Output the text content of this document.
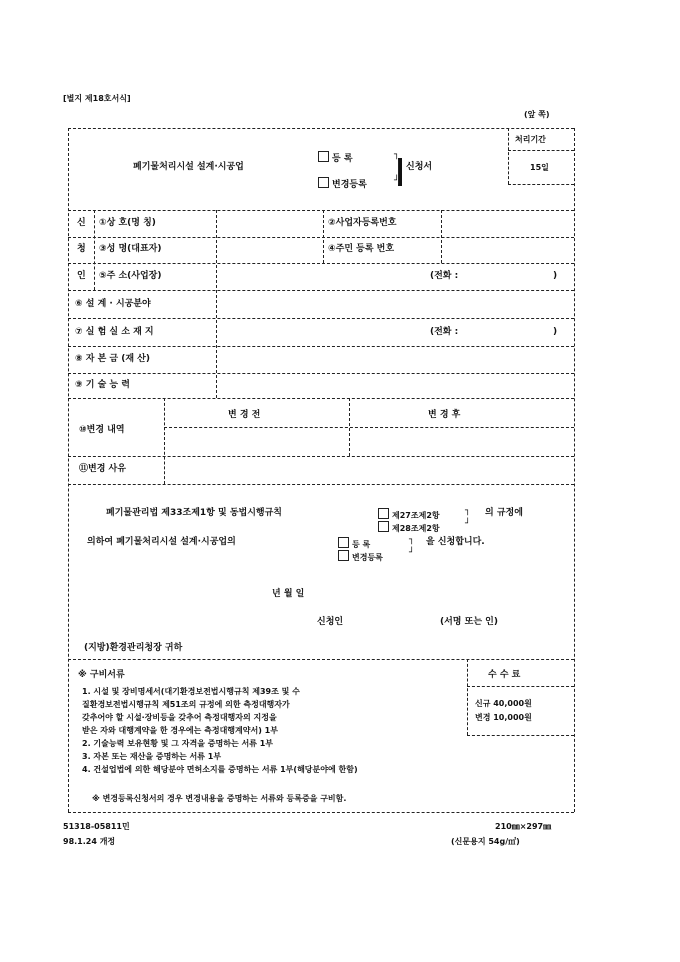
[별지 제18호서식]
(앞 쪽)
폐기물처리시설 설계·시공업
등 록
변경등록
┐
┘
신청서
처리기간
15일
신
청
인
①상 호(명 칭)	②사업자등록번호
③성 명(대표자)	④주민 등록 번호
⑤주 소(사업장)	(전화 :	)
⑥ 설 계 · 시공분야
⑦ 실 험 실 소 재 지	(전화 :	)
⑧ 자 본 금 (재 산)
⑨ 기 술 능 력
⑩변경 내역
변 경 전	변 경 후
⑪변경 사유
폐기물관리법 제33조제1항 및 동법시행규칙	제27조제2항
제28조제2항
┐
┘
의 규정에
의하여 폐기물처리시설 설계·시공업의	등 록
변경등록
┐
┘
을 신청합니다.
년 월 일
신청인	(서명 또는 인)
(지방)환경관리청장 귀하
※ 구비서류	수 수 료
신규 40,000원
변경 10,000원
1. 시설 및 장비명세서(대기환경보전법시행규칙 제39조 및 수
질환경보전법시행규칙 제51조의 규정에 의한 측정대행자가
갖추어야 할 시설·장비등을 갖추어 측정대행자의 지정을
받은 자와 대행계약을 한 경우에는 측정대행계약서) 1부
2. 기술능력 보유현황 및 그 자격을 증명하는 서류 1부
3. 자본 또는 재산을 증명하는 서류 1부
4. 건설업법에 의한 해당분야 면허소지를 증명하는 서류 1부(해당분야에 한함)
※ 변경등록신청서의 경우 변경내용을 증명하는 서류와 등록증을 구비함.
51318-05811민
98.1.24 개정
210㎜×297㎜
(신문용지 54g/㎡)
